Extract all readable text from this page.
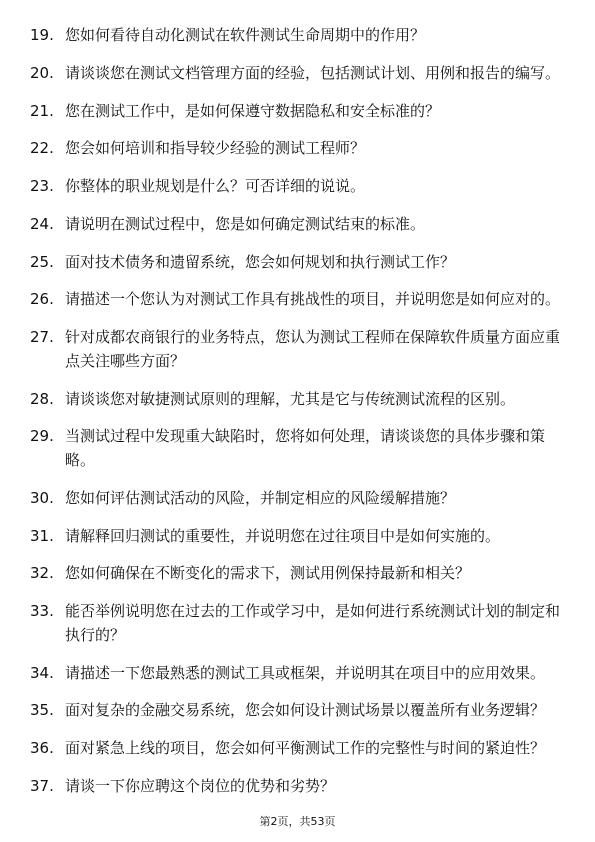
19. 您如何看待自动化测试在软件测试生命周期中的作用？
20. 请谈谈您在测试文档管理方面的经验，包括测试计划、用例和报告的编写。
21. 您在测试工作中，是如何保遵守数据隐私和安全标准的？
22. 您会如何培训和指导较少经验的测试工程师？
23. 你整体的职业规划是什么？可否详细的说说。
24. 请说明在测试过程中，您是如何确定测试结束的标准。
25. 面对技术债务和遗留系统，您会如何规划和执行测试工作？
26. 请描述一个您认为对测试工作具有挑战性的项目，并说明您是如何应对的。
27. 针对成都农商银行的业务特点，您认为测试工程师在保障软件质量方面应重点关注哪些方面？
28. 请谈谈您对敏捷测试原则的理解，尤其是它与传统测试流程的区别。
29. 当测试过程中发现重大缺陷时，您将如何处理，请谈谈您的具体步骤和策略。
30. 您如何评估测试活动的风险，并制定相应的风险缓解措施？
31. 请解释回归测试的重要性，并说明您在过往项目中是如何实施的。
32. 您如何确保在不断变化的需求下，测试用例保持最新和相关？
33. 能否举例说明您在过去的工作或学习中，是如何进行系统测试计划的制定和执行的？
34. 请描述一下您最熟悉的测试工具或框架，并说明其在项目中的应用效果。
35. 面对复杂的金融交易系统，您会如何设计测试场景以覆盖所有业务逻辑？
36. 面对紧急上线的项目，您会如何平衡测试工作的完整性与时间的紧迫性？
37. 请谈一下你应聘这个岗位的优势和劣势？
第2页，共53页
